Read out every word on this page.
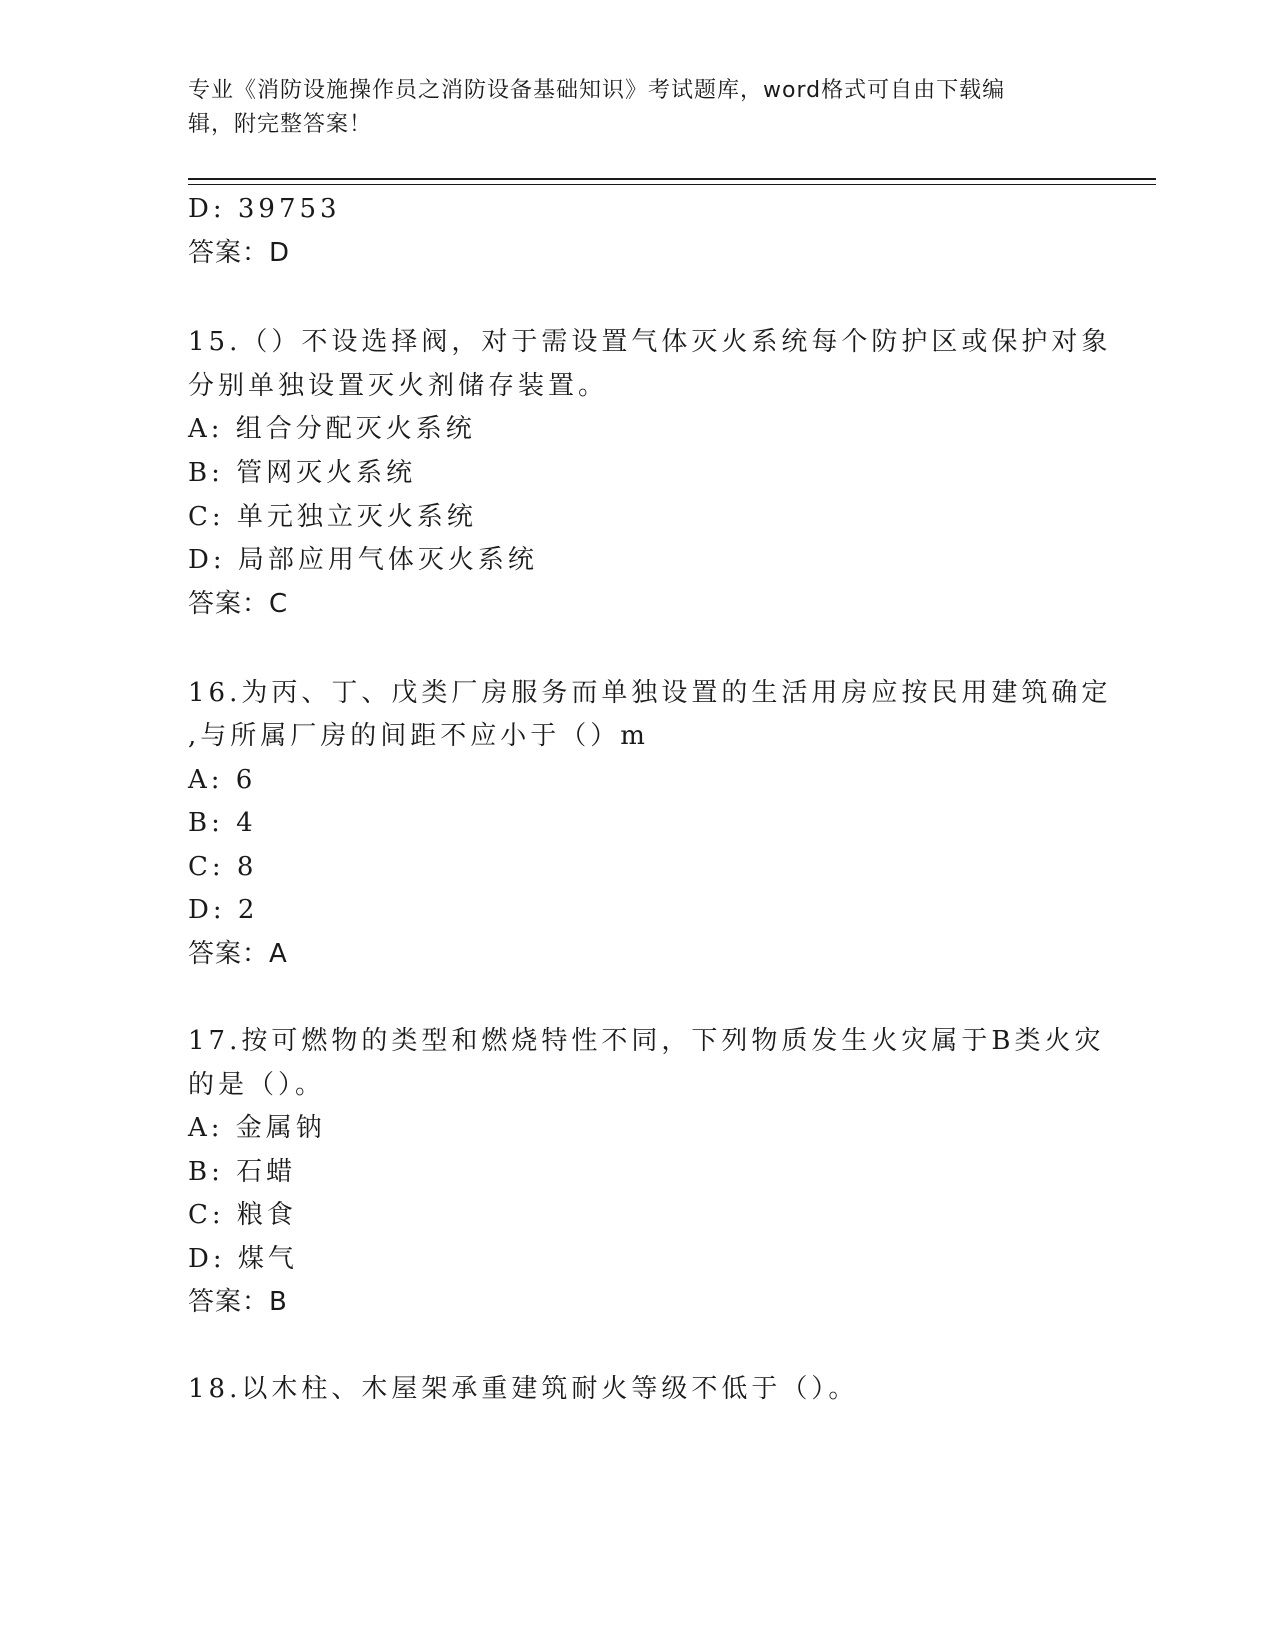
专业《消防设施操作员之消防设备基础知识》考试题库，word格式可自由下载编
辑，附完整答案！
D: 39753
答案：D
15.（）不设选择阀，对于需设置气体灭火系统每个防护区或保护对象
分别单独设置灭火剂储存装置。
A: 组合分配灭火系统
B: 管网灭火系统
C: 单元独立灭火系统
D: 局部应用气体灭火系统
答案：C
16.为丙、丁、戊类厂房服务而单独设置的生活用房应按民用建筑确定
,与所属厂房的间距不应小于（）m
A: 6
B: 4
C: 8
D: 2
答案：A
17.按可燃物的类型和燃烧特性不同，下列物质发生火灾属于B类火灾
的是（）。
A: 金属钠
B: 石蜡
C: 粮食
D: 煤气
答案：B
18.以木柱、木屋架承重建筑耐火等级不低于（）。
